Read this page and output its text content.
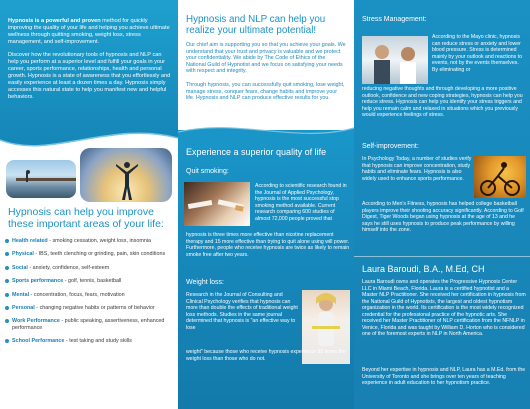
Hypnosis is a powerful and proven method for quickly improving the quality of your life and helping you achieve ultimate wellness through quitting smoking, weight loss, stress management, and self-improvement.

Discover how the revolutionary tools of hypnosis and NLP can help you perform at a superior level and fulfill your goals in your career, sports performance, relationships, health and personal growth. Hypnosis is a state of awareness that you effortlessly and easily experience at least a dozen times a day. Hypnosis simply accesses this natural state to help you manifest new and helpful behaviors.

Hypnosis can help you improve these important areas of your life:
Health related - smoking cessation, weight loss, insomnia
Physical - IBS, teeth clenching or grinding, pain, skin conditions
Social - anxiety, confidence, self-esteem
Sports performance - golf, tennis, basketball
Mental - concentration, focus, fears, motivation
Personal - changing negative habits or patterns of behavior
Work Performance - public speaking, assertiveness, enhanced performance
School Performance - test taking and study skills
Hypnosis and NLP can help you realize your ultimate potential!

Our chief aim is supporting you so that you achieve your goals. We understand that your trust and privacy is valuable and we protect your confidentiality. We abide by The Code of Ethics of the National Guild of Hypnotist and we focus on satisfying your needs with respect and integrity.

Through hypnosis, you can successfully quit smoking, lose weight, manage stress, conquer fears, change habits and improve your life. Hypnosis and NLP can produce effective results for you.

Experience a superior quality of life
Quit smoking:
According to scientific research found in the Journal of Applied Psychology, hypnosis is the most successful stop smoking method available. Current research comparing 600 studies of almost 72,000 people proved that
hypnosis is three times more effective than nicotine replacement therapy and 15 more effective than trying to quit alone using will power. Furthermore, people who receive hypnosis are twice as likely to remain smoke free after two years.
Weight loss:
Research in the Journal of Consulting and Clinical Psychology verifies that hypnosis can more than double the effects of traditional weight loss methods. Studies in the same journal determined that hypnosis is "an effective way to lose
weight" because those who receive hypnosis experience 30 times the weight loss than those who do not.
Stress Management:
According to the Mayo clinic, hypnosis can reduce stress or anxiety and lower blood pressure. Stress is determined mainly by your outlook and reactions to events, not by the events themselves. By eliminating or
reducing negative thoughts and through developing a more positive outlook, confidence and new coping strategies, hypnosis can help you reduce stress. Hypnosis can help you identify your stress triggers and help you remain calm and relaxed in situations which you previously would experience feelings of stress.
Self-improvement:
In Psychology Today, a number of studies verify that hypnosis can improve concentration, study habits and eliminate fears. Hypnosis is also widely used to enhance sports performance.
According to Men's Fitness, hypnosis has helped college basketball players improve their shooting accuracy significantly. According to Golf Digest, Tiger Woods began using hypnosis at the age of 13 and he says he still uses hypnosis to produce peak performance by willing himself into the zone.
Laura Baroudi, B.A., M.Ed, CH
Laura Baroudi owns and operates the Progressive Hypnosis Center LLC in Miami Beach, Florida. Laura is a certified hypnotist and a Master NLP Practitioner. She received her certification in hypnosis from the National Guild of Hypnotists, the largest and oldest hypnotism organization in the world. Its certification is the most widely recognized credential for the professional practice of the hypnotic arts. She received her Master Practitioner of NLP certification from the NFNLP in Venice, Florida and was taught by William D. Horton who is considered one of the foremost experts in NLP in North America.
Beyond her expertise in hypnosis and NLP, Laura has a M.Ed. from the University of Toronto and she brings over ten years of teaching experience in adult education to her hypnotism practice.
